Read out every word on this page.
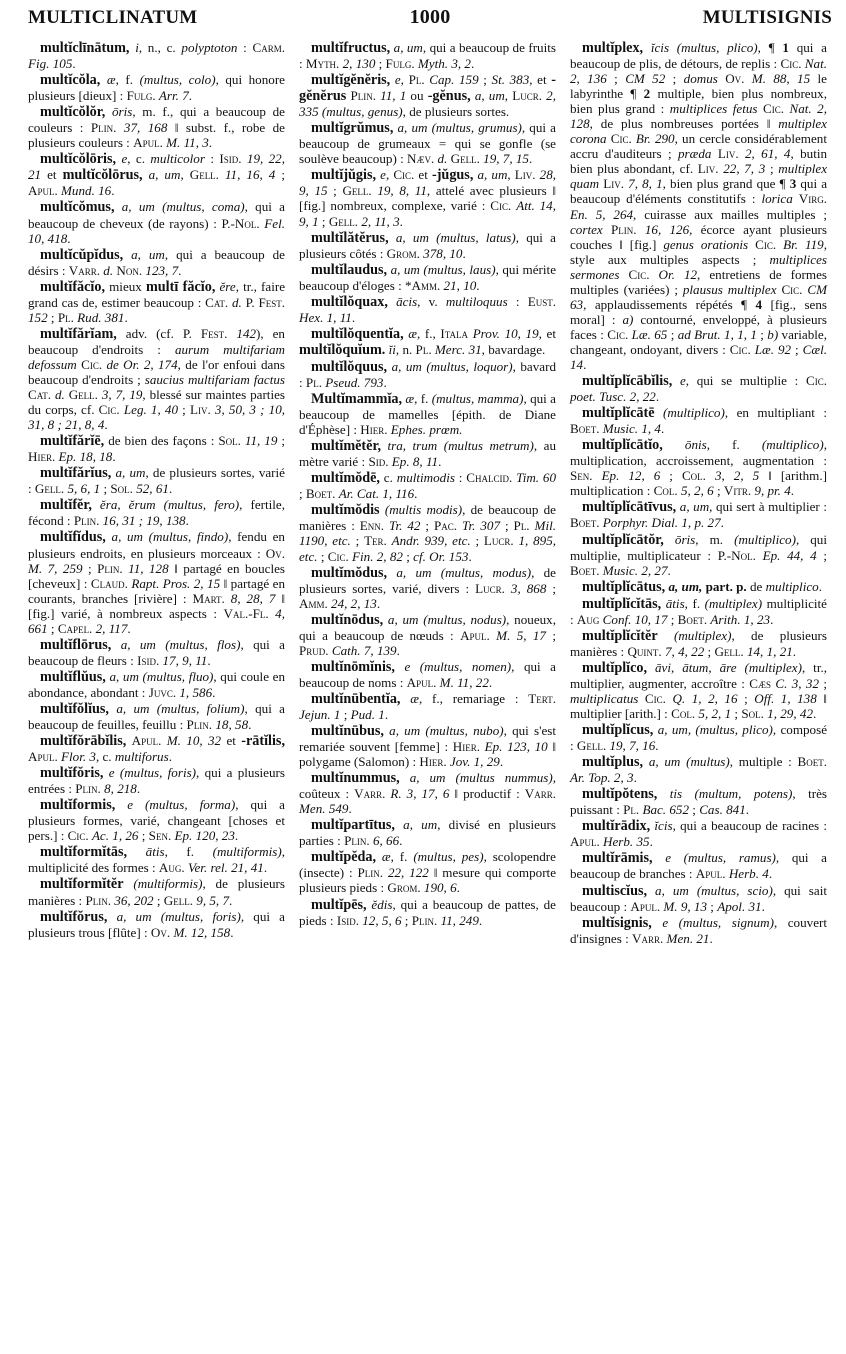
MULTICLINATUM	1000	MULTISIGNIS

multĭclīnātum, i, n., c. polyptoton : Carm. Fig. 105.

multĭcŏla, æ, f. (multus, colo), qui honore plusieurs [dieux] : Fulg. Arr. 7.

multĭcŏlŏr, ōris, m. f., qui a beaucoup de couleurs : Plin. 37, 168 ‖ subst. f., robe de plusieurs couleurs : Apul. M. 11, 3.

multĭcŏlōris, e, c. multicolor : Isid. 19, 22, 21 et multĭcŏlōrus, a, um, Gell. 11, 16, 4 ; Apul. Mund. 16.

multĭcŏmus, a, um (multus, coma), qui a beaucoup de cheveux (de rayons) : P.-Nol. Fel. 10, 418.

multĭcŭpĭdus, a, um, qui a beaucoup de désirs : Varr. d. Non. 123, 7.

multĭfăcĭo, mieux multī făcĭo, ĕre, tr., faire grand cas de, estimer beaucoup : Cat. d. P. Fest. 152 ; Pl. Rud. 381.

multĭfărĭam, adv. (cf. P. Fest. 142), en beaucoup d'endroits : aurum multifariam defossum Cic. de Or. 2, 174, de l'or enfoui dans beaucoup d'endroits ; saucius multifariam factus Cat. d. Gell. 3, 7, 19, blessé sur maintes parties du corps, cf. Cic. Leg. 1, 40 ; Liv. 3, 50, 3 ; 10, 31, 8 ; 21, 8, 4.

multĭfărĭē, de bien des façons : Sol. 11, 19 ; Hier. Ep. 18, 18.

multĭfărĭus, a, um, de plusieurs sortes, varié : Gell. 5, 6, 1 ; Sol. 52, 61.

multĭfĕr, ĕra, ĕrum (multus, fero), fertile, fécond : Plin. 16, 31 ; 19, 138.

multĭfĭdus, a, um (multus, findo), fendu en plusieurs endroits, en plusieurs morceaux : Ov. M. 7, 259 ; Plin. 11, 128 ‖ partagé en boucles [cheveux] : Claud. Rapt. Pros. 2, 15 ‖ partagé en courants, branches [rivière] : Mart. 8, 28, 7 ‖ [fig.] varié, à nombreux aspects : Val.-Fl. 4, 661 ; Capel. 2, 117.

multĭflōrus, a, um (multus, flos), qui a beaucoup de fleurs : Isid. 17, 9, 11.

multĭflŭus, a, um (multus, fluo), qui coule en abondance, abondant : Juvc. 1, 586.

multĭfŏlĭus, a, um (multus, folium), qui a beaucoup de feuilles, feuillu : Plin. 18, 58.

multĭfŏrābĭlis, Apul. M. 10, 32 et -rātĭlis, Apul. Flor. 3, c. multiforus.

multĭfŏris, e (multus, foris), qui a plusieurs entrées : Plin. 8, 218.

multĭformis, e (multus, forma), qui a plusieurs formes, varié, changeant [choses et pers.] : Cic. Ac. 1, 26 ; Sen. Ep. 120, 23.

multĭformĭtās, ātis, f. (multiformis), multiplicité des formes : Aug. Ver. rel. 21, 41.

multĭformĭtĕr (multiformis), de plusieurs manières : Plin. 36, 202 ; Gell. 9, 5, 7.

multĭfŏrus, a, um (multus, foris), qui a plusieurs trous [flûte] : Ov. M. 12, 158.

multĭfructus, a, um, qui a beaucoup de fruits : Myth. 2, 130 ; Fulg. Myth. 3, 2.

multĭgĕnĕris, e, Pl. Cap. 159 ; St. 383, et -gĕnĕrus Plin. 11, 1 ou -gĕnus, a, um, Lucr. 2, 335 (multus, genus), de plusieurs sortes.

multĭgrŭmus, a, um (multus, grumus), qui a beaucoup de grumeaux = qui se gonfle (se soulève beaucoup) : Næv. d. Gell. 19, 7, 15.

multĭjŭgis, e, Cic. et -jŭgus, a, um, Liv. 28, 9, 15 ; Gell. 19, 8, 11, attelé avec plusieurs ‖ [fig.] nombreux, complexe, varié : Cic. Att. 14, 9, 1 ; Gell. 2, 11, 3.

multĭlătĕrus, a, um (multus, latus), qui a plusieurs côtés : Grom. 378, 10.

multĭlaudus, a, um (multus, laus), qui mérite beaucoup d'éloges : *Amm. 21, 10.

multĭlŏquax, ācis, v. multiloquus : Eust. Hex. 1, 11.

multĭlŏquentĭa, æ, f., Itala Prov. 10, 19, et multĭlŏquĭum. ĭi, n. Pl. Merc. 31, bavardage.

multĭlŏquus, a, um (multus, loquor), bavard : Pl. Pseud. 793.

Multĭmammĭa, æ, f. (multus, mamma), qui a beaucoup de mamelles [épith. de Diane d'Éphèse] : Hier. Ephes. prœm.

multĭmĕtĕr, tra, trum (multus metrum), au mètre varié : Sid. Ep. 8, 11.

multĭmŏdē, c. multimodis : Chalcid. Tim. 60 ; Boet. Ar. Cat. 1, 116.

multĭmŏdis (multis modis), de beaucoup de manières : Enn. Tr. 42 ; Pac. Tr. 307 ; Pl. Mil. 1190, etc. ; Ter. Andr. 939, etc. ; Lucr. 1, 895, etc. ; Cic. Fin. 2, 82 ; cf. Or. 153.

multĭmŏdus, a, um (multus, modus), de plusieurs sortes, varié, divers : Lucr. 3, 868 ; Amm. 24, 2, 13.

multĭnōdus, a, um (multus, nodus), noueux, qui a beaucoup de nœuds : Apul. M. 5, 17 ; Prud. Cath. 7, 139.

multĭnōmĭnis, e (multus, nomen), qui a beaucoup de noms : Apul. M. 11, 22.

multĭnūbentĭa, æ, f., remariage : Tert. Jejun. 1 ; Pud. 1.

multĭnūbus, a, um (multus, nubo), qui s'est remariée souvent [femme] : Hier. Ep. 123, 10 ‖ polygame (Salomon) : Hier. Jov. 1, 29.

multĭnummus, a, um (multus nummus), coûteux : Varr. R. 3, 17, 6 ‖ productif : Varr. Men. 549.

multĭpartītus, a, um, divisé en plusieurs parties : Plin. 6, 66.

multĭpĕda, æ, f. (multus, pes), scolopendre (insecte) : Plin. 22, 122 ‖ mesure qui comporte plusieurs pieds : Grom. 190, 6.

multĭpēs, ĕdis, qui a beaucoup de pattes, de pieds : Isid. 12, 5, 6 ; Plin. 11, 249.

multĭplex, ĭcis (multus, plico), ¶ 1 qui a beaucoup de plis, de détours, de replis : Cic. Nat. 2, 136 ; CM 52 ; domus Ov. M. 88, 15 le labyrinthe ¶ 2 multiple, bien plus nombreux, bien plus grand : multiplices fetus Cic. Nat. 2, 128, de plus nombreuses portées ‖ multiplex corona Cic. Br. 290, un cercle considérablement accru d'auditeurs ; præda Liv. 2, 61, 4, butin bien plus abondant, cf. Liv. 22, 7, 3 ; multiplex quam Liv. 7, 8, 1, bien plus grand que ¶ 3 qui a beaucoup d'éléments constitutifs : lorica Virg. En. 5, 264, cuirasse aux mailles multiples ; cortex Plin. 16, 126, écorce ayant plusieurs couches ‖ [fig.] genus orationis Cic. Br. 119, style aux multiples aspects ; multiplices sermones Cic. Or. 12, entretiens de formes multiples (variées) ; plausus multiplex Cic. CM 63, applaudissements répétés ¶ 4 [fig., sens moral] : a) contourné, enveloppé, à plusieurs faces : Cic. Læ. 65 ; ad Brut. 1, 1, 1 ; b) variable, changeant, ondoyant, divers : Cic. Læ. 92 ; Cæl. 14.

multĭplĭcābĭlis, e, qui se multiplie : Cic. poet. Tusc. 2, 22.

multĭplĭcātē (multiplico), en multipliant : Boet. Music. 1, 4.

multĭplĭcātĭo, ōnis, f. (multiplico), multiplication, accroissement, augmentation : Sen. Ep. 12, 6 ; Col. 3, 2, 5 ‖ [arithm.] multiplication : Col. 5, 2, 6 ; Vitr. 9, pr. 4.

multĭplĭcātīvus, a, um, qui sert à multiplier : Boet. Porphyr. Dial. 1, p. 27.

multĭplĭcātŏr, ōris, m. (multiplico), qui multiplie, multiplicateur : P.-Nol. Ep. 44, 4 ; Boet. Music. 2, 27.

multĭplĭcātus, a, um, part. p. de multiplico.

multĭplĭcĭtās, ātis, f. (multiplex) multiplicité : Aug Conf. 10, 17 ; Boet. Arith. 1, 23.

multĭplĭcĭtĕr (multiplex), de plusieurs manières : Quint. 7, 4, 22 ; Gell. 14, 1, 21.

multĭplĭco, āvi, ātum, āre (multiplex), tr., multiplier, augmenter, accroître : Cæs C. 3, 32 ; multiplicatus Cic. Q. 1, 2, 16 ; Off. 1, 138 ‖ multiplier [arith.] : Col. 5, 2, 1 ; Sol. 1, 29, 42.

multĭplĭcus, a, um, (multus, plico), composé : Gell. 19, 7, 16.

multĭplus, a, um (multus), multiple : Boet. Ar. Top. 2, 3.

multĭpŏtens, tis (multum, potens), très puissant : Pl. Bac. 652 ; Cas. 841.

multĭrādix, ĭcis, qui a beaucoup de racines : Apul. Herb. 35.

multĭrāmis, e (multus, ramus), qui a beaucoup de branches : Apul. Herb. 4.

multiscĭus, a, um (multus, scio), qui sait beaucoup : Apul. M. 9, 13 ; Apol. 31.

multĭsignis, e (multus, signum), couvert d'insignes : Varr. Men. 21.
